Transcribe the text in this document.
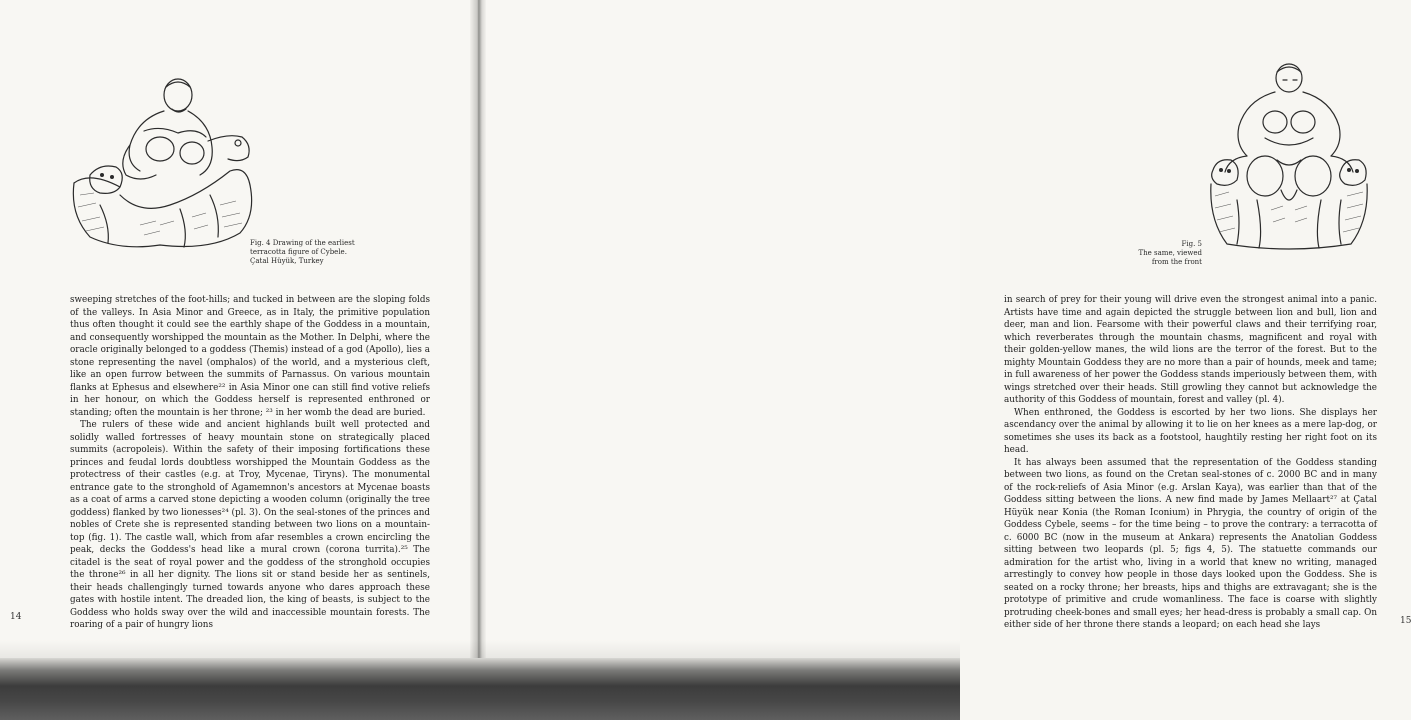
Fig. 4 Drawing of the earliest
terracotta figure of Cybele.
Çatal Hüyük, Turkey

sweeping stretches of the foot-hills; and tucked in between are the sloping folds of the valleys. In Asia Minor and Greece, as in Italy, the primitive population thus often thought it could see the earthly shape of the Goddess in a mountain, and consequently worshipped the mountain as the Mother. In Delphi, where the oracle originally belonged to a goddess (Themis) instead of a god (Apollo), lies a stone representing the navel (omphalos) of the world, and a mysterious cleft, like an open furrow between the summits of Parnassus. On various mountain flanks at Ephesus and elsewhere²² in Asia Minor one can still find votive reliefs in her honour, on which the Goddess herself is represented enthroned or standing; often the mountain is her throne; ²³ in her womb the dead are buried.

The rulers of these wide and ancient highlands built well protected and solidly walled fortresses of heavy mountain stone on strategically placed summits (acropoleis). Within the safety of their imposing fortifications these princes and feudal lords doubtless worshipped the Mountain Goddess as the protectress of their castles (e.g. at Troy, Mycenae, Tiryns). The monumental entrance gate to the stronghold of Agamemnon's ancestors at Mycenae boasts as a coat of arms a carved stone depicting a wooden column (originally the tree goddess) flanked by two lionesses²⁴ (pl. 3). On the seal-stones of the princes and nobles of Crete she is represented standing between two lions on a mountain-top (fig. 1). The castle wall, which from afar resembles a crown encircling the peak, decks the Goddess's head like a mural crown (corona turrita).²⁵ The citadel is the seat of royal power and the goddess of the stronghold occupies the throne²⁶ in all her dignity. The lions sit or stand beside her as sentinels, their heads challengingly turned towards anyone who dares approach these gates with hostile intent. The dreaded lion, the king of beasts, is subject to the Goddess who holds sway over the wild and inaccessible mountain forests. The roaring of a pair of hungry lions

14
Fig. 5
The same, viewed
from the front

in search of prey for their young will drive even the strongest animal into a panic. Artists have time and again depicted the struggle between lion and bull, lion and deer, man and lion. Fearsome with their powerful claws and their terrifying roar, which reverberates through the mountain chasms, magnificent and royal with their golden-yellow manes, the wild lions are the terror of the forest. But to the mighty Mountain Goddess they are no more than a pair of hounds, meek and tame; in full awareness of her power the Goddess stands imperiously between them, with wings stretched over their heads. Still growling they cannot but acknowledge the authority of this Goddess of mountain, forest and valley (pl. 4).

When enthroned, the Goddess is escorted by her two lions. She displays her ascendancy over the animal by allowing it to lie on her knees as a mere lap-dog, or sometimes she uses its back as a footstool, haughtily resting her right foot on its head.

It has always been assumed that the representation of the Goddess standing between two lions, as found on the Cretan seal-stones of c. 2000 BC and in many of the rock-reliefs of Asia Minor (e.g. Arslan Kaya), was earlier than that of the Goddess sitting between the lions. A new find made by James Mellaart²⁷ at Çatal Hüyük near Konia (the Roman Iconium) in Phrygia, the country of origin of the Goddess Cybele, seems – for the time being – to prove the contrary: a terracotta of c. 6000 BC (now in the museum at Ankara) represents the Anatolian Goddess sitting between two leopards (pl. 5; figs 4, 5). The statuette commands our admiration for the artist who, living in a world that knew no writing, managed arrestingly to convey how people in those days looked upon the Goddess. She is seated on a rocky throne; her breasts, hips and thighs are extravagant; she is the prototype of primitive and crude womanliness. The face is coarse with slightly protruding cheek-bones and small eyes; her head-dress is probably a small cap. On either side of her throne there stands a leopard; on each head she lays	15
